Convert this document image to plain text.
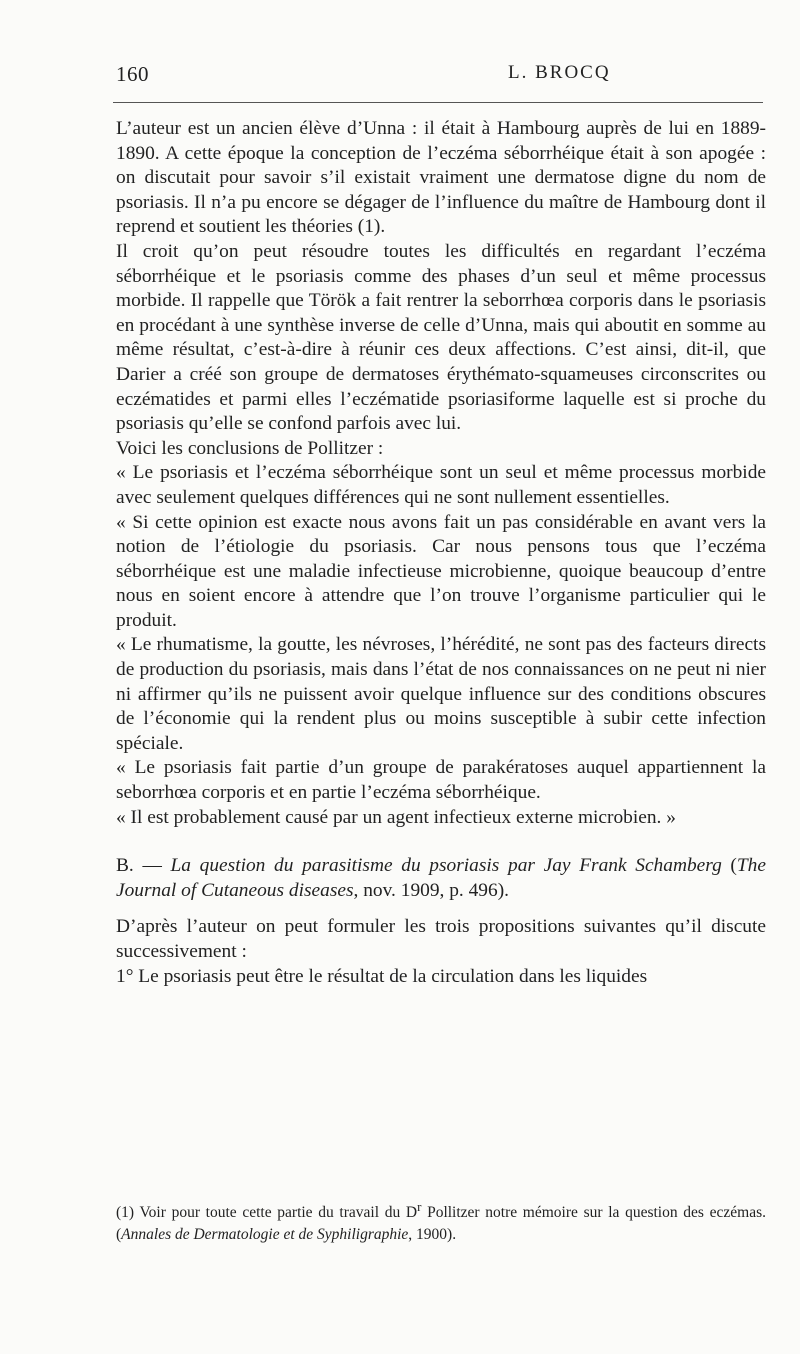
160	L. BROCQ

L’auteur est un ancien élève d’Unna : il était à Hambourg auprès de lui en 1889-1890. A cette époque la conception de l’eczéma séborrhéique était à son apogée : on discutait pour savoir s’il existait vraiment une dermatose digne du nom de psoriasis. Il n’a pu encore se dégager de l’influence du maître de Hambourg dont il reprend et soutient les théories (1).

Il croit qu’on peut résoudre toutes les difficultés en regardant l’eczéma séborrhéique et le psoriasis comme des phases d’un seul et même processus morbide. Il rappelle que Török a fait rentrer la seborrhœa corporis dans le psoriasis en procédant à une synthèse inverse de celle d’Unna, mais qui aboutit en somme au même résultat, c’est-à-dire à réunir ces deux affections. C’est ainsi, dit-il, que Darier a créé son groupe de dermatoses érythémato-squameuses circonscrites ou eczématides et parmi elles l’eczématide psoriasiforme laquelle est si proche du psoriasis qu’elle se confond parfois avec lui.

Voici les conclusions de Pollitzer :

« Le psoriasis et l’eczéma séborrhéique sont un seul et même processus morbide avec seulement quelques différences qui ne sont nullement essentielles.

« Si cette opinion est exacte nous avons fait un pas considérable en avant vers la notion de l’étiologie du psoriasis. Car nous pensons tous que l’eczéma séborrhéique est une maladie infectieuse microbienne, quoique beaucoup d’entre nous en soient encore à attendre que l’on trouve l’organisme particulier qui le produit.

« Le rhumatisme, la goutte, les névroses, l’hérédité, ne sont pas des facteurs directs de production du psoriasis, mais dans l’état de nos connaissances on ne peut ni nier ni affirmer qu’ils ne puissent avoir quelque influence sur des conditions obscures de l’économie qui la rendent plus ou moins susceptible à subir cette infection spéciale.

« Le psoriasis fait partie d’un groupe de parakératoses auquel appartiennent la seborrhœa corporis et en partie l’eczéma séborrhéique.

« Il est probablement causé par un agent infectieux externe microbien. »

B. — La question du parasitisme du psoriasis par Jay Frank Schamberg (The Journal of Cutaneous diseases, nov. 1909, p. 496).

D’après l’auteur on peut formuler les trois propositions suivantes qu’il discute successivement :

1° Le psoriasis peut être le résultat de la circulation dans les liquides

(1) Voir pour toute cette partie du travail du $D^r$ Pollitzer notre mémoire sur la question des eczémas. (Annales de Dermatologie et de Syphiligraphie, 1900).
